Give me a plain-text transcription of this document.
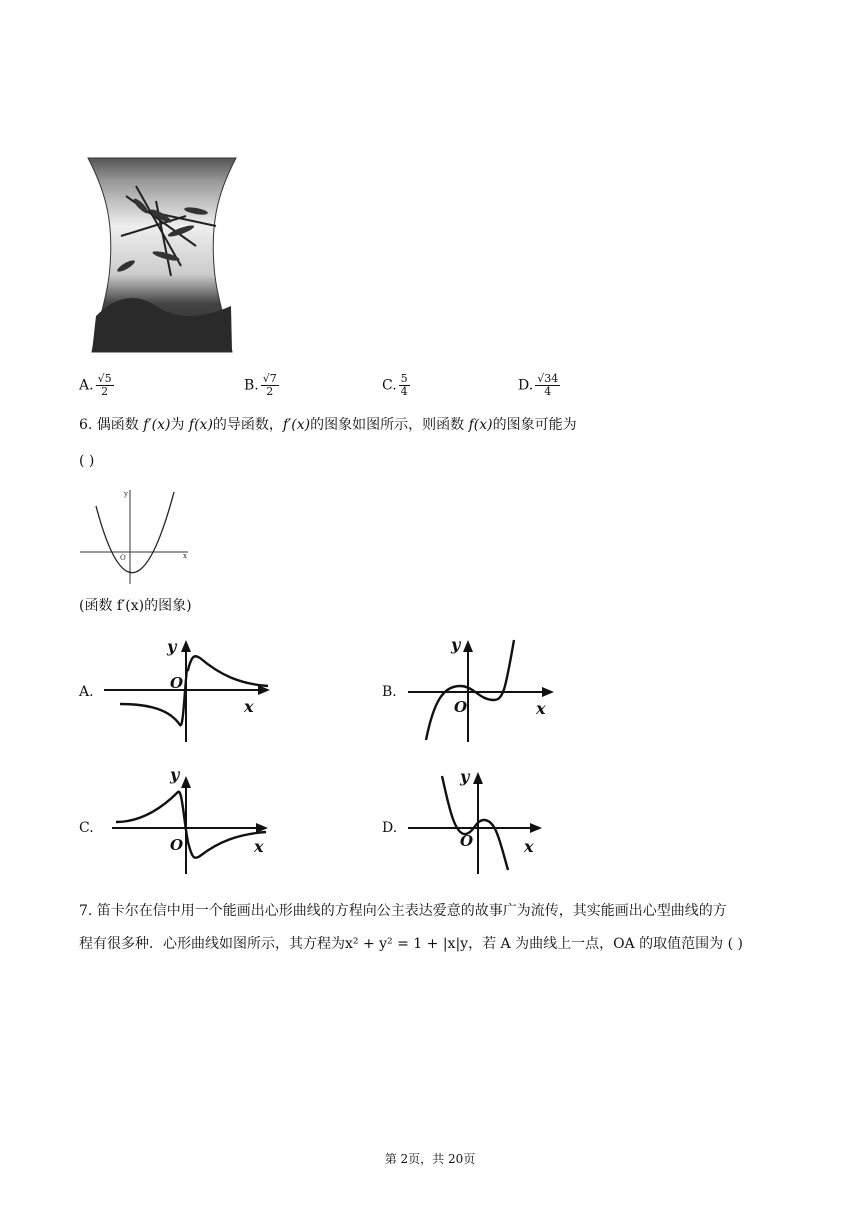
A. $\frac{√5}{2}$	B. $\frac{√7}{2}$	C. $\frac{5}{4}$	D. $\frac{√34}{4}$
6. 偶函数 f′(x)为 f(x)的导函数，f′(x)的图象如图所示，则函数 f(x)的图象可能为
( )
y
x
O
(函数 f′(x)的图象)
A.
y
x
O	B.
y
x
O
C.
y
x
O
D.
y
x
O
7. 笛卡尔在信中用一个能画出心形曲线的方程向公主表达爱意的故事广为流传，其实能画出心型曲线的方
程有很多种．心形曲线如图所示，其方程为x² + y² = 1 + |x|y，若 A 为曲线上一点，OA 的取值范围为 ( )
第 2页，共 20页
